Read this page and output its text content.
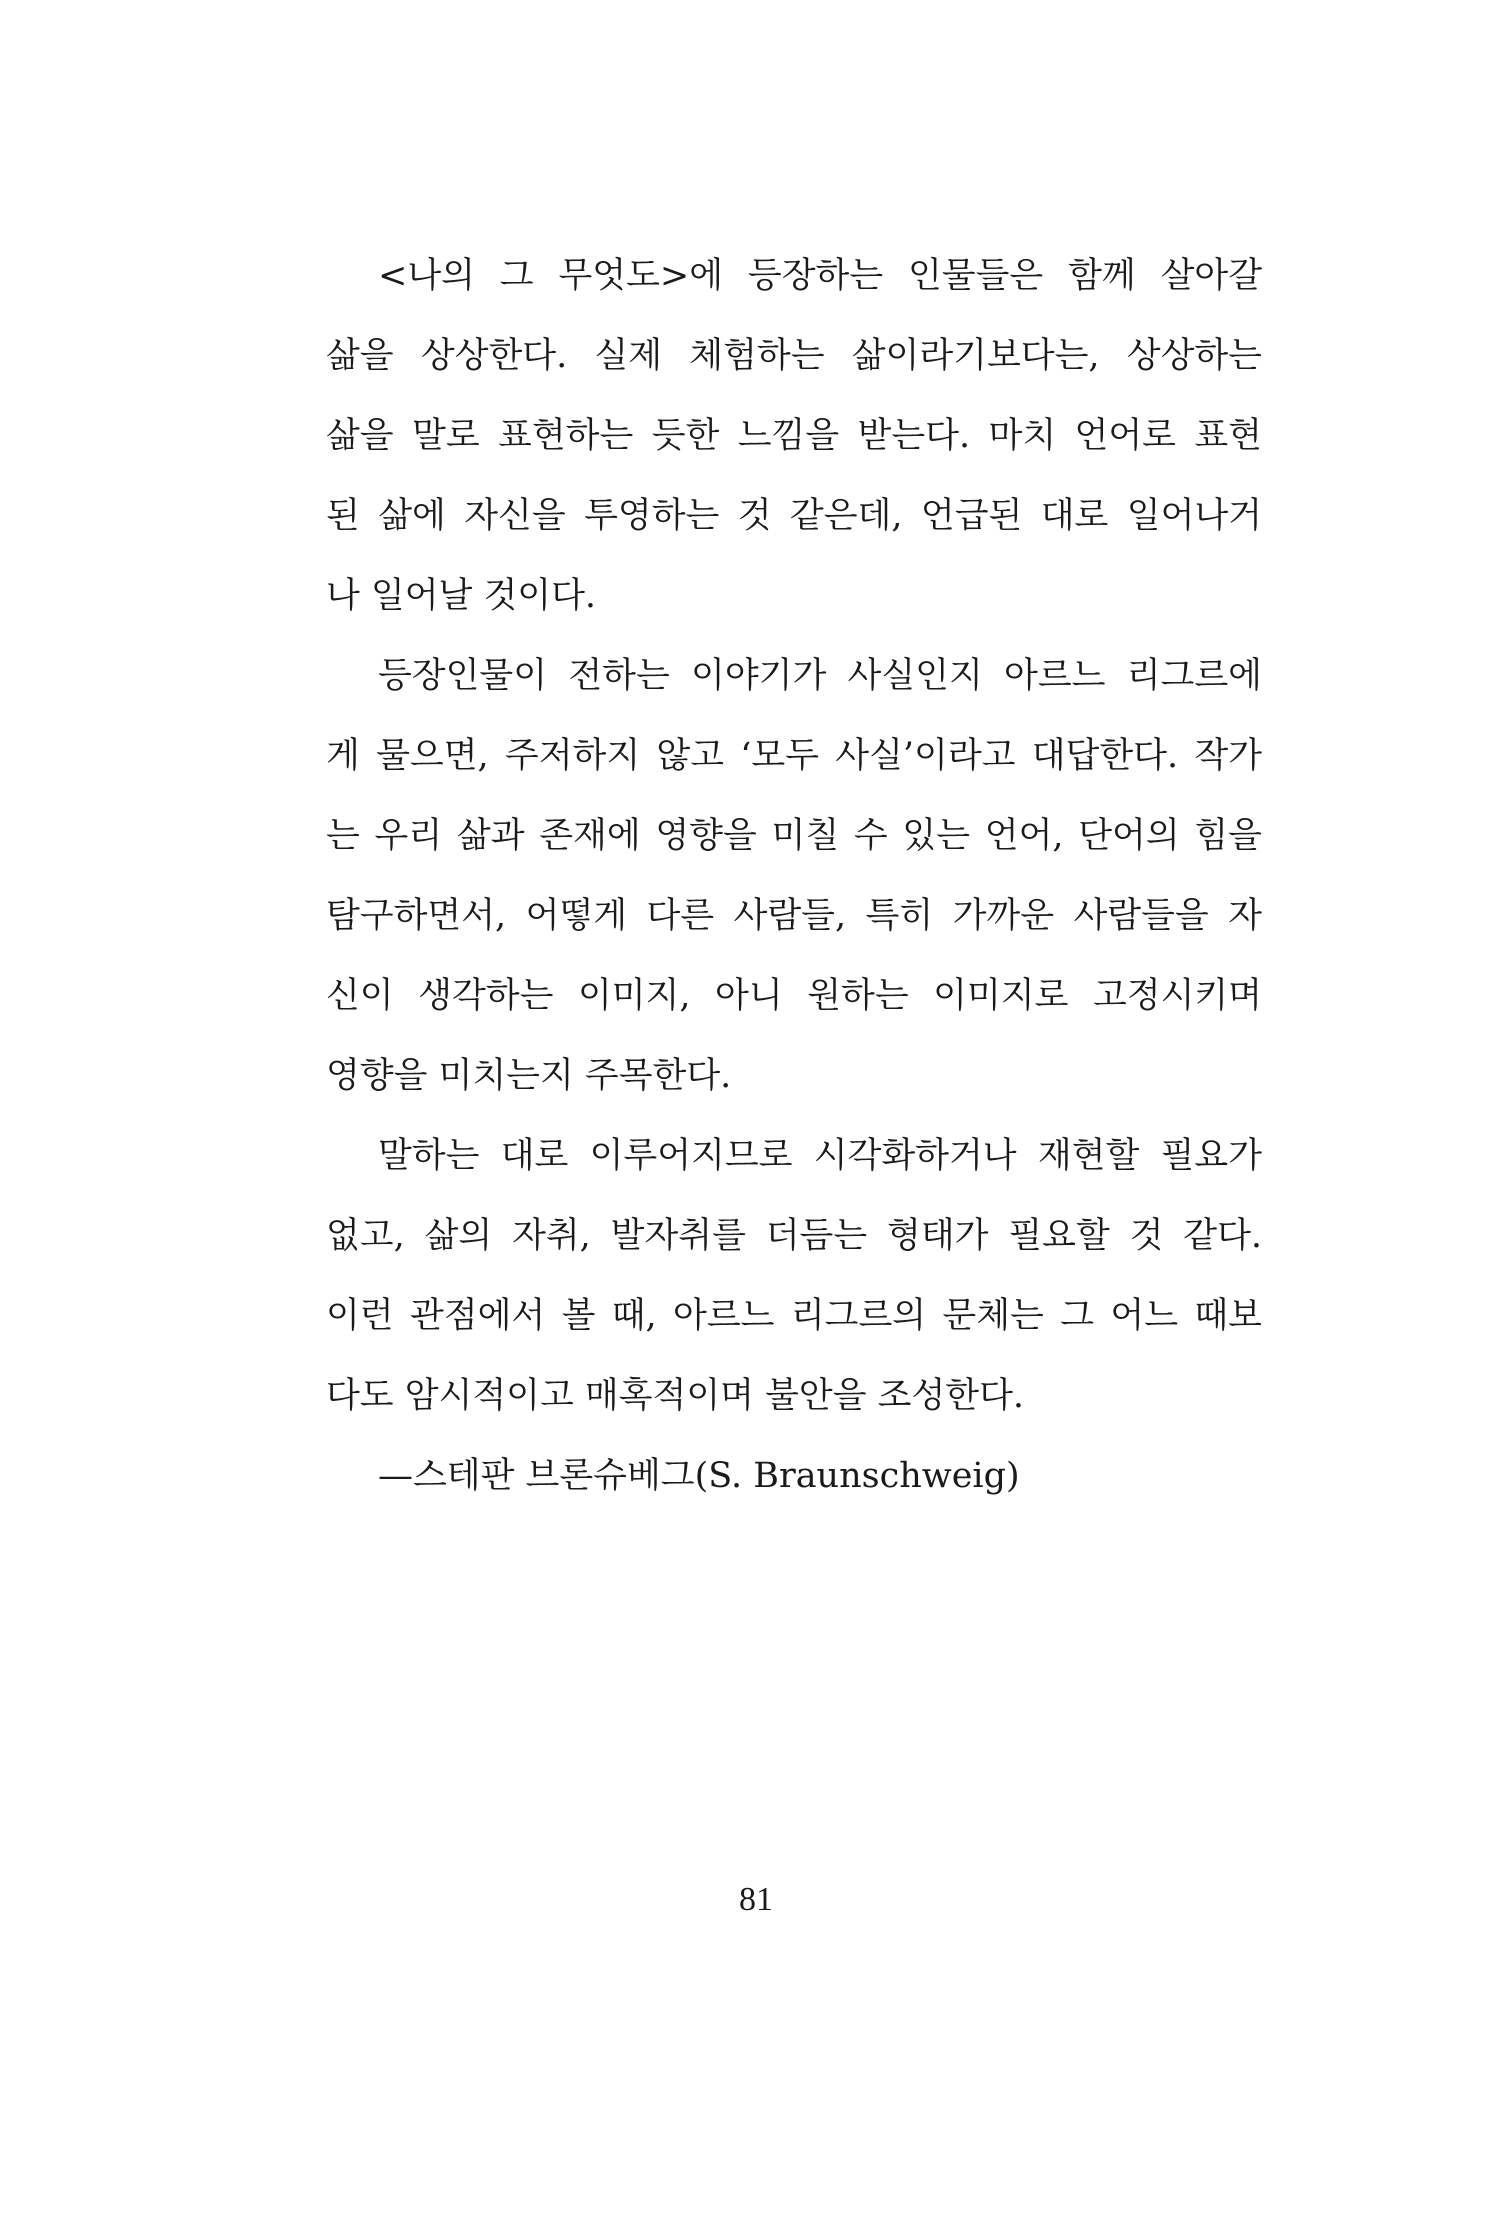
<나의 그 무엇도>에 등장하는 인물들은 함께 살아갈
삶을 상상한다. 실제 체험하는 삶이라기보다는, 상상하는
삶을 말로 표현하는 듯한 느낌을 받는다. 마치 언어로 표현
된 삶에 자신을 투영하는 것 같은데, 언급된 대로 일어나거
나 일어날 것이다.
등장인물이 전하는 이야기가 사실인지 아르느 리그르에
게 물으면, 주저하지 않고 ‘모두 사실’이라고 대답한다. 작가
는 우리 삶과 존재에 영향을 미칠 수 있는 언어, 단어의 힘을
탐구하면서, 어떻게 다른 사람들, 특히 가까운 사람들을 자
신이 생각하는 이미지, 아니 원하는 이미지로 고정시키며
영향을 미치는지 주목한다.
말하는 대로 이루어지므로 시각화하거나 재현할 필요가
없고, 삶의 자취, 발자취를 더듬는 형태가 필요할 것 같다.
이런 관점에서 볼 때, 아르느 리그르의 문체는 그 어느 때보
다도 암시적이고 매혹적이며 불안을 조성한다.
—스테판 브론슈베그(S. Braunschweig)
81
